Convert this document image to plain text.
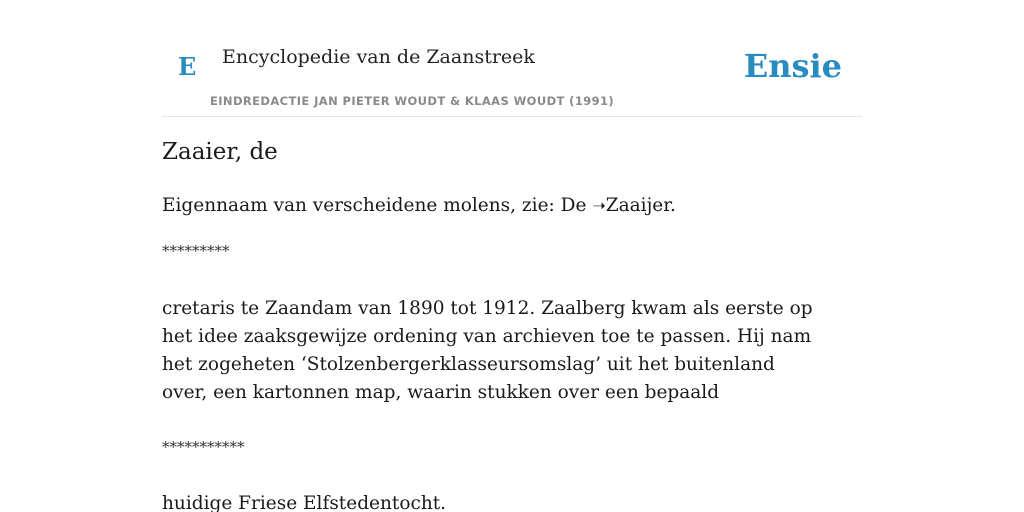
E Encyclopedie van de Zaanstreek
EINDREDACTIE JAN PIETER WOUDT & KLAAS WOUDT (1991)
Ensie
Zaaier, de

Eigennaam van verscheidene molens, zie: De ➝Zaaijer.

*********

cretaris te Zaandam van 1890 tot 1912. Zaalberg kwam als eerste op het idee zaaksgewijze ordening van archieven toe te passen. Hij nam het zogeheten ‘Stolzenbergerklasseursomslag’ uit het buitenland over, een kartonnen map, waarin stukken over een bepaald

***********

huidige Friese Elfstedentocht.
